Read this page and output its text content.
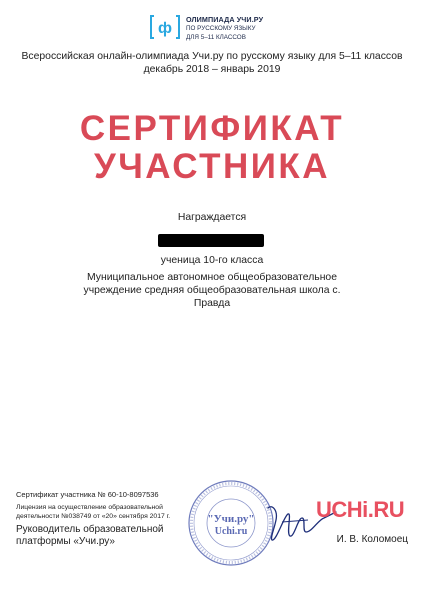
ф
ОЛИМПИАДА УЧИ.РУ
ПО РУССКОМУ ЯЗЫКУ
ДЛЯ 5–11 КЛАССОВ
Всероссийская онлайн-олимпиада Учи.ру по русскому языку для 5–11 классов
декабрь 2018 – январь 2019
СЕРТИФИКАТ
УЧАСТНИКА
Награждается
ученица 10-го класса
Муниципальное автономное общеобразовательное
учреждение средняя общеобразовательная школа с.
Правда
Сертификат участника № 60-10-8097536
Лицензия на осуществление образовательной
деятельности №038749 от «20» сентября 2017 г.
Руководитель образовательной
платформы «Учи.ру»
"Учи.ру"
Uchi.ru
UCHi.RU
И. В. Коломоец
